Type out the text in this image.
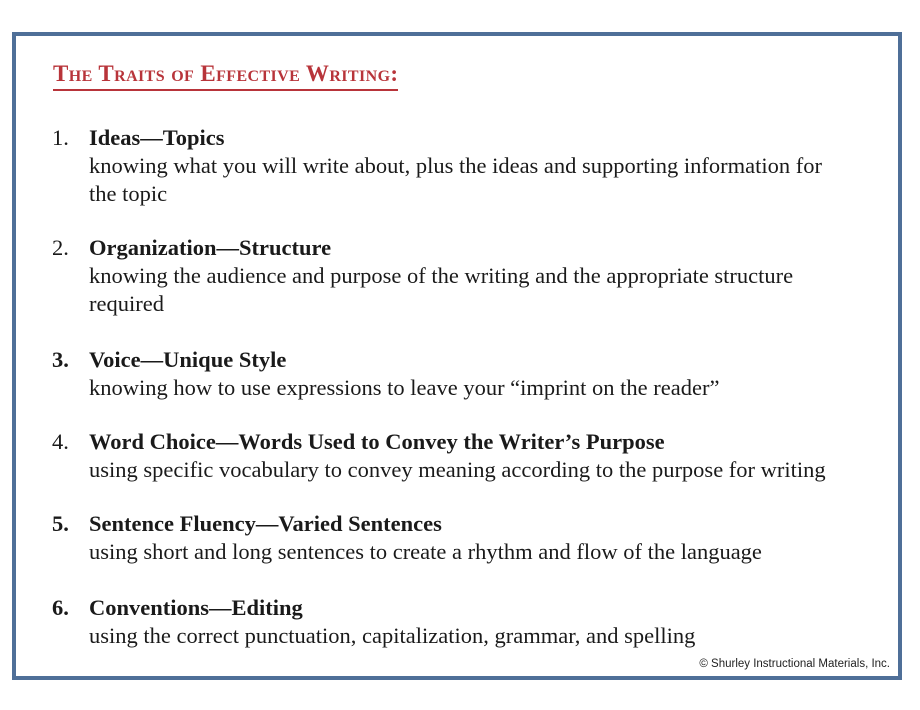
The Traits of Effective Writing:
1. Ideas—Topics
knowing what you will write about, plus the ideas and supporting information for the topic
2. Organization—Structure
knowing the audience and purpose of the writing and the appropriate structure required
3. Voice—Unique Style
knowing how to use expressions to leave your “imprint on the reader”
4. Word Choice—Words Used to Convey the Writer’s Purpose
using specific vocabulary to convey meaning according to the purpose for writing
5. Sentence Fluency—Varied Sentences
using short and long sentences to create a rhythm and flow of the language
6. Conventions—Editing
using the correct punctuation, capitalization, grammar, and spelling
© Shurley Instructional Materials, Inc.
